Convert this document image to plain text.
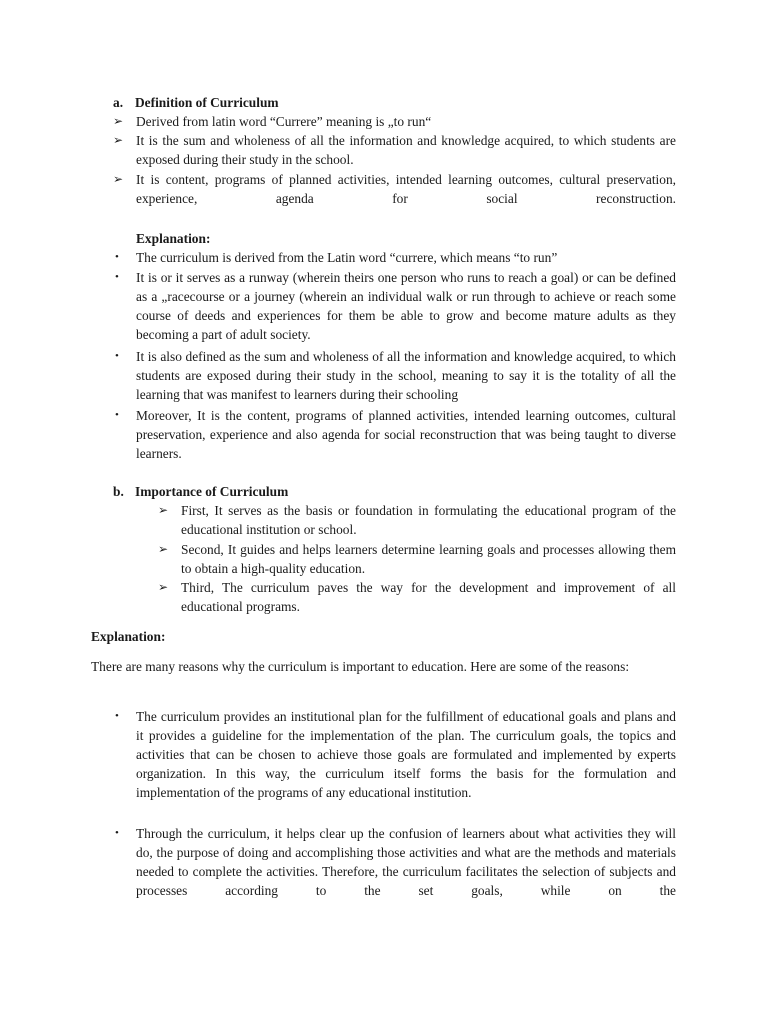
a. Definition of Curriculum
➢ Derived from latin word “Currere” meaning is „to run“
➢ It is the sum and wholeness of all the information and knowledge acquired, to which students are exposed during their study in the school.
➢ It is content, programs of planned activities, intended learning outcomes, cultural preservation, experience, agenda for social reconstruction.
Explanation:
• The curriculum is derived from the Latin word “currere, which means “to run”
• It is or it serves as a runway (wherein theirs one person who runs to reach a goal) or can be defined as a „racecourse or a journey (wherein an individual walk or run through to achieve or reach some course of deeds and experiences for them be able to grow and become mature adults as they becoming a part of adult society.
• It is also defined as the sum and wholeness of all the information and knowledge acquired, to which students are exposed during their study in the school, meaning to say it is the totality of all the learning that was manifest to learners during their schooling
• Moreover, It is the content, programs of planned activities, intended learning outcomes, cultural preservation, experience and also agenda for social reconstruction that was being taught to diverse learners.
b. Importance of Curriculum
➢ First, It serves as the basis or foundation in formulating the educational program of the educational institution or school.
➢ Second, It guides and helps learners determine learning goals and processes allowing them to obtain a high-quality education.
➢ Third, The curriculum paves the way for the development and improvement of all educational programs.
Explanation:
There are many reasons why the curriculum is important to education. Here are some of the reasons:
• The curriculum provides an institutional plan for the fulfillment of educational goals and plans and it provides a guideline for the implementation of the plan. The curriculum goals, the topics and activities that can be chosen to achieve those goals are formulated and implemented by experts organization. In this way, the curriculum itself forms the basis for the formulation and implementation of the programs of any educational institution.
• Through the curriculum, it helps clear up the confusion of learners about what activities they will do, the purpose of doing and accomplishing those activities and what are the methods and materials needed to complete the activities. Therefore, the curriculum facilitates the selection of subjects and processes according to the set goals, while on the
